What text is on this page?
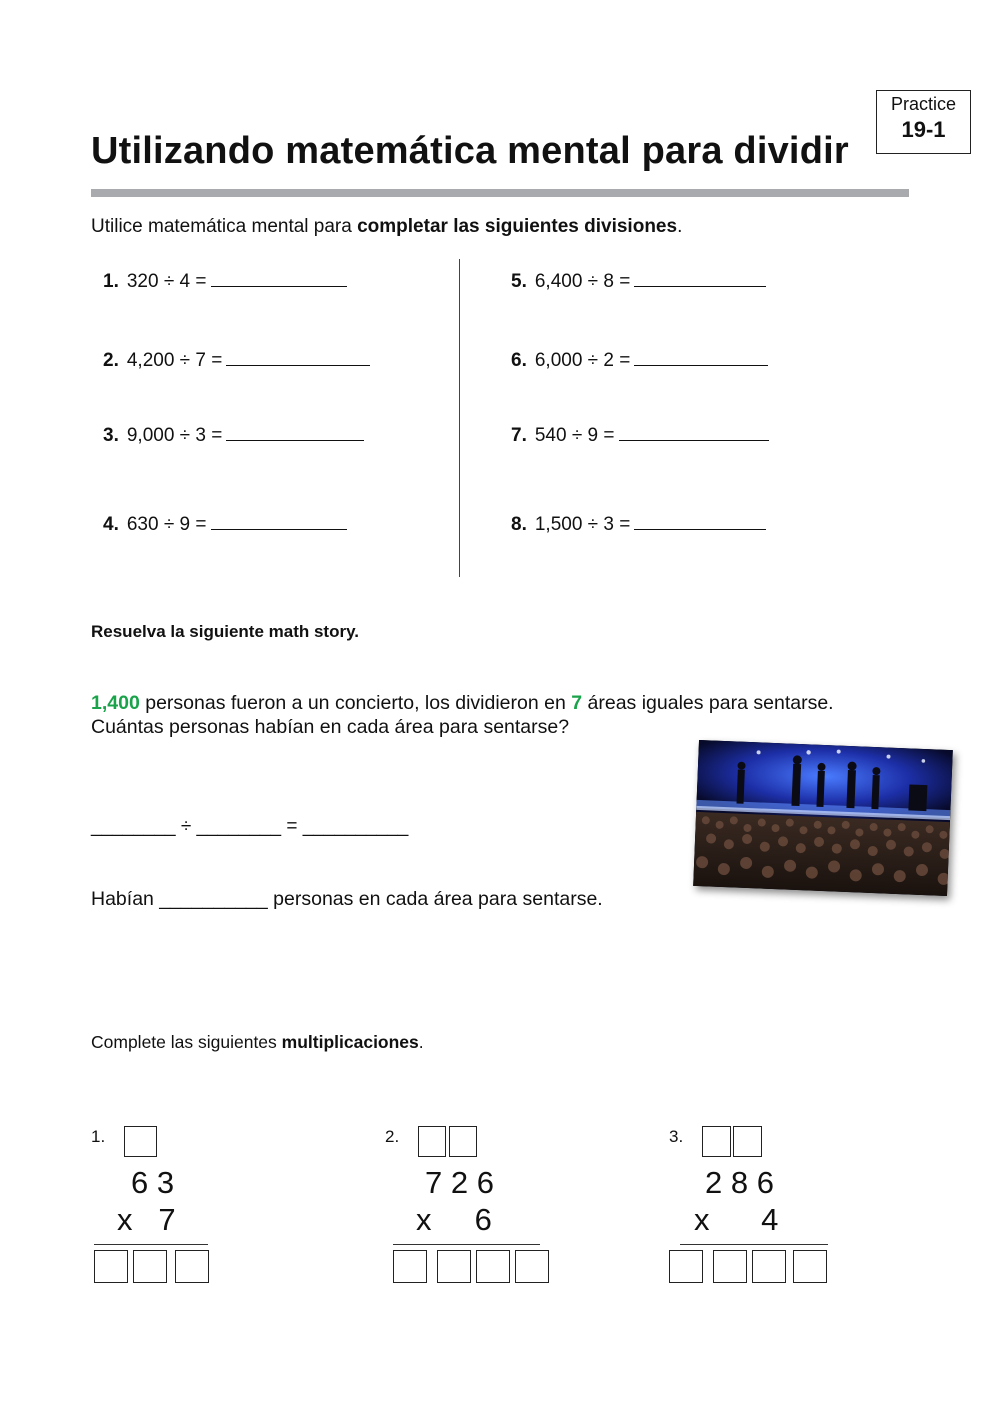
Practice
19-1
Utilizando matemática mental para dividir
Utilice matemática mental para completar las siguientes divisiones.
1. 320 ÷ 4 =
2. 4,200 ÷ 7 =
3. 9,000 ÷ 3 =
4. 630 ÷ 9 =
5. 6,400 ÷ 8 =
6. 6,000 ÷ 2 =
7. 540 ÷ 9 =
8. 1,500 ÷ 3 =
Resuelva la siguiente math story.
1,400 personas fueron a un concierto, los dividieron en 7 áreas iguales para sentarse.
Cuántas personas habían en cada área para sentarse?
________ ÷ ________ = __________
Habían __________ personas en cada área para sentarse.
Complete las siguientes multiplicaciones.
1.
6 3
x   7
2.
7 2 6
x     6
3.
2 8 6
x      4
